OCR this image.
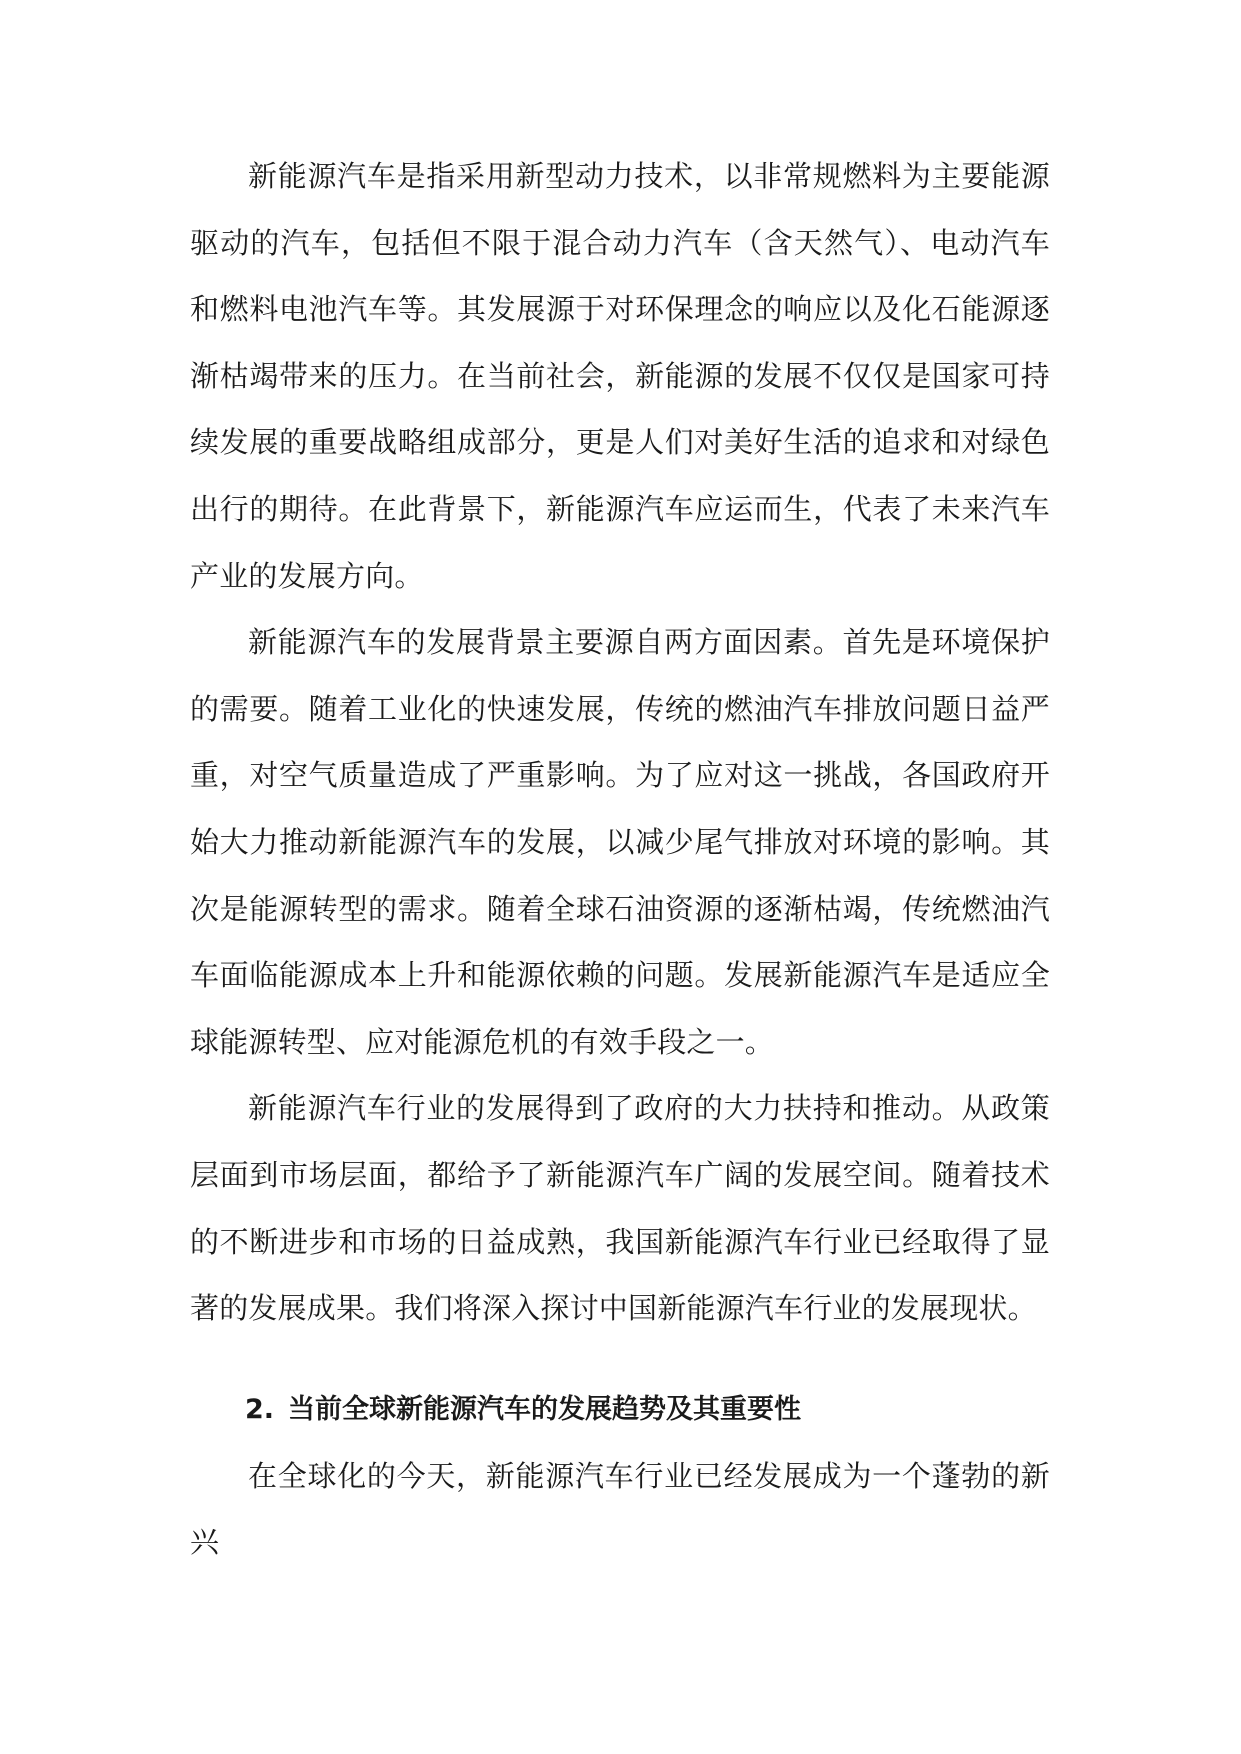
新能源汽车是指采用新型动力技术，以非常规燃料为主要能源驱动的汽车，包括但不限于混合动力汽车（含天然气）、电动汽车和燃料电池汽车等。其发展源于对环保理念的响应以及化石能源逐渐枯竭带来的压力。在当前社会，新能源的发展不仅仅是国家可持续发展的重要战略组成部分，更是人们对美好生活的追求和对绿色出行的期待。在此背景下，新能源汽车应运而生，代表了未来汽车产业的发展方向。

新能源汽车的发展背景主要源自两方面因素。首先是环境保护的需要。随着工业化的快速发展，传统的燃油汽车排放问题日益严重，对空气质量造成了严重影响。为了应对这一挑战，各国政府开始大力推动新能源汽车的发展，以减少尾气排放对环境的影响。其次是能源转型的需求。随着全球石油资源的逐渐枯竭，传统燃油汽车面临能源成本上升和能源依赖的问题。发展新能源汽车是适应全球能源转型、应对能源危机的有效手段之一。

新能源汽车行业的发展得到了政府的大力扶持和推动。从政策层面到市场层面，都给予了新能源汽车广阔的发展空间。随着技术的不断进步和市场的日益成熟，我国新能源汽车行业已经取得了显著的发展成果。我们将深入探讨中国新能源汽车行业的发展现状。

2. 当前全球新能源汽车的发展趋势及其重要性

在全球化的今天，新能源汽车行业已经发展成为一个蓬勃的新兴
